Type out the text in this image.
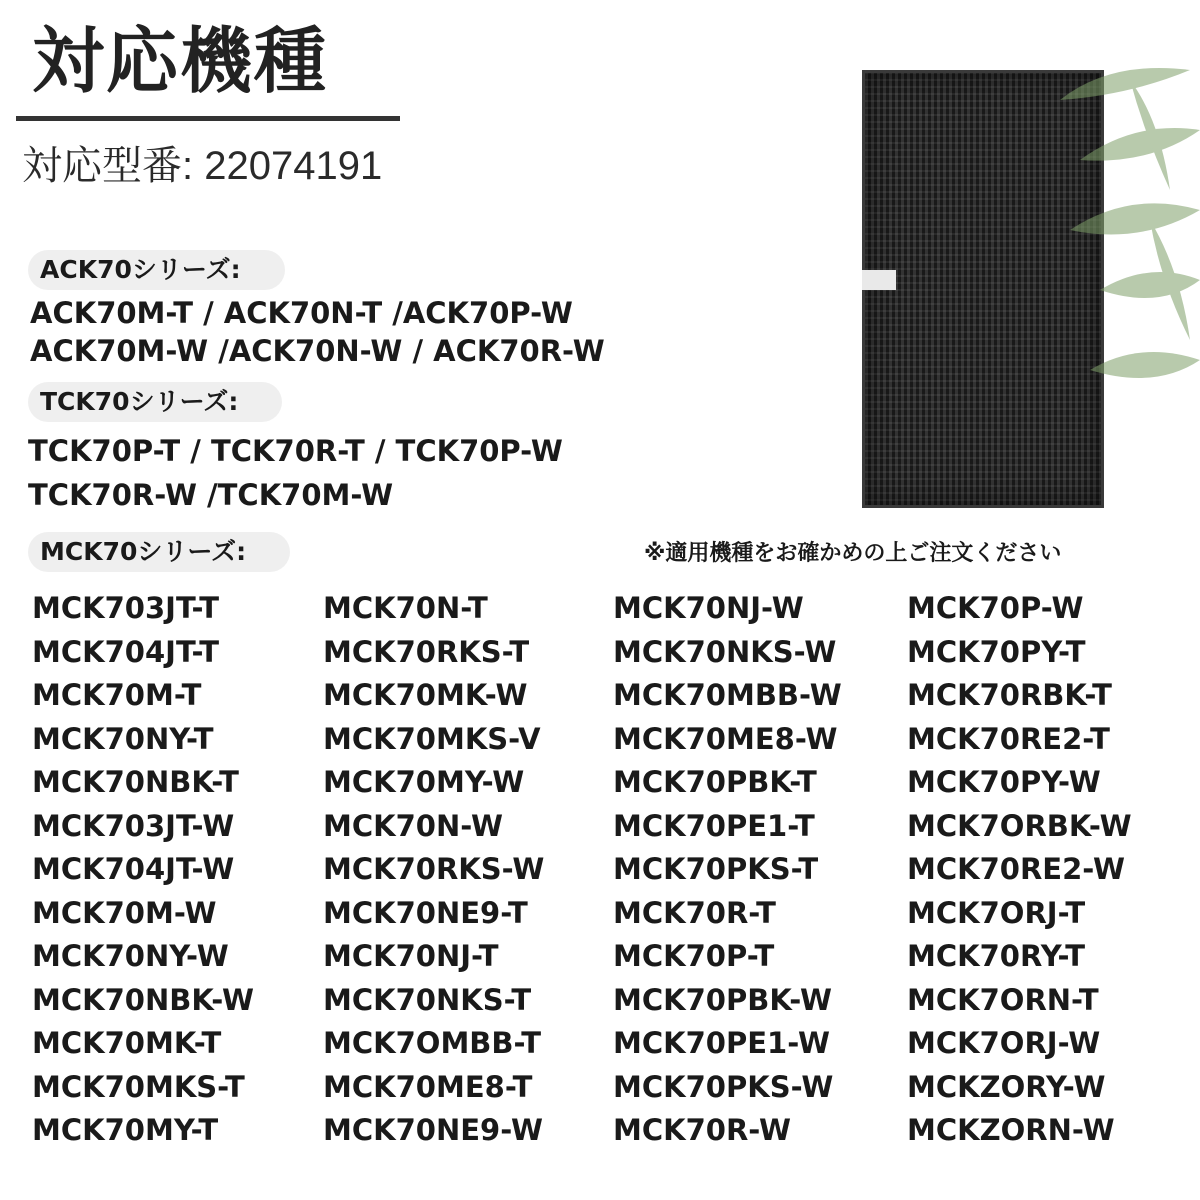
対応機種
対応型番: 22074191
ACK70シリーズ:
ACK70M-T / ACK70N-T /ACK70P-W
ACK70M-W /ACK70N-W / ACK70R-W
TCK70シリーズ:
TCK70P-T / TCK70R-T / TCK70P-W
TCK70R-W /TCK70M-W
MCK70シリーズ:	※適用機種をお確かめの上ご注文ください
MCK703JT-T	MCK70N-T	MCK70NJ-W	MCK70P-W
MCK704JT-T	MCK70RKS-T	MCK70NKS-W	MCK70PY-T
MCK70M-T	MCK70MK-W	MCK70MBB-W	MCK70RBK-T
MCK70NY-T	MCK70MKS-V	MCK70ME8-W	MCK70RE2-T
MCK70NBK-T	MCK70MY-W	MCK70PBK-T	MCK70PY-W
MCK703JT-W	MCK70N-W	MCK70PE1-T	MCK7ORBK-W
MCK704JT-W	MCK70RKS-W	MCK70PKS-T	MCK70RE2-W
MCK70M-W	MCK70NE9-T	MCK70R-T	MCK7ORJ-T
MCK70NY-W	MCK70NJ-T	MCK70P-T	MCK70RY-T
MCK70NBK-W	MCK70NKS-T	MCK70PBK-W	MCK7ORN-T
MCK70MK-T	MCK7OMBB-T	MCK70PE1-W	MCK7ORJ-W
MCK70MKS-T	MCK70ME8-T	MCK70PKS-W	MCKZORY-W
MCK70MY-T	MCK70NE9-W	MCK70R-W	MCKZORN-W
